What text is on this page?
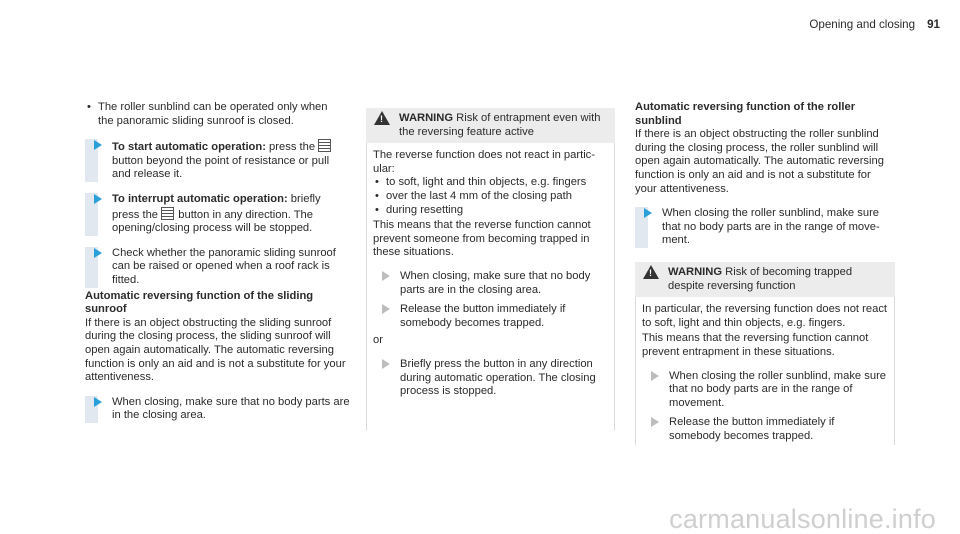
Opening and closing 91

• The roller sunblind can be operated only when the panoramic sliding sunroof is closed.

To start automatic operation: press the  button beyond the point of resistance or pull and release it.

To interrupt automatic operation: briefly press the  button in any direction. The opening/closing process will be stopped.

Check whether the panoramic sliding sunroof can be raised or opened when a roof rack is fitted.

Automatic reversing function of the sliding sunroof

If there is an object obstructing the sliding sunroof during the closing process, the sliding sunroof will open again automatically. The automatic reversing function is only an aid and is not a substitute for your attentiveness.

When closing, make sure that no body parts are in the closing area.

! WARNING Risk of entrapment even with the reversing feature active

The reverse function does not react in particular:

• to soft, light and thin objects, e.g. fingers

• over the last 4 mm of the closing path

• during resetting

This means that the reverse function cannot prevent someone from becoming trapped in these situations.

When closing, make sure that no body parts are in the closing area.

Release the button immediately if somebody becomes trapped.

or

Briefly press the button in any direction during automatic operation. The closing process is stopped.

Automatic reversing function of the roller sunblind

If there is an object obstructing the roller sunblind during the closing process, the roller sunblind will open again automatically. The automatic reversing function is only an aid and is not a substitute for your attentiveness.

When closing the roller sunblind, make sure that no body parts are in the range of movement.

! WARNING Risk of becoming trapped despite reversing function

In particular, the reversing function does not react to soft, light and thin objects, e.g. fingers.

This means that the reversing function cannot prevent entrapment in these situations.

When closing the roller sunblind, make sure that no body parts are in the range of movement.

Release the button immediately if somebody becomes trapped.

carmanualsonline.info
